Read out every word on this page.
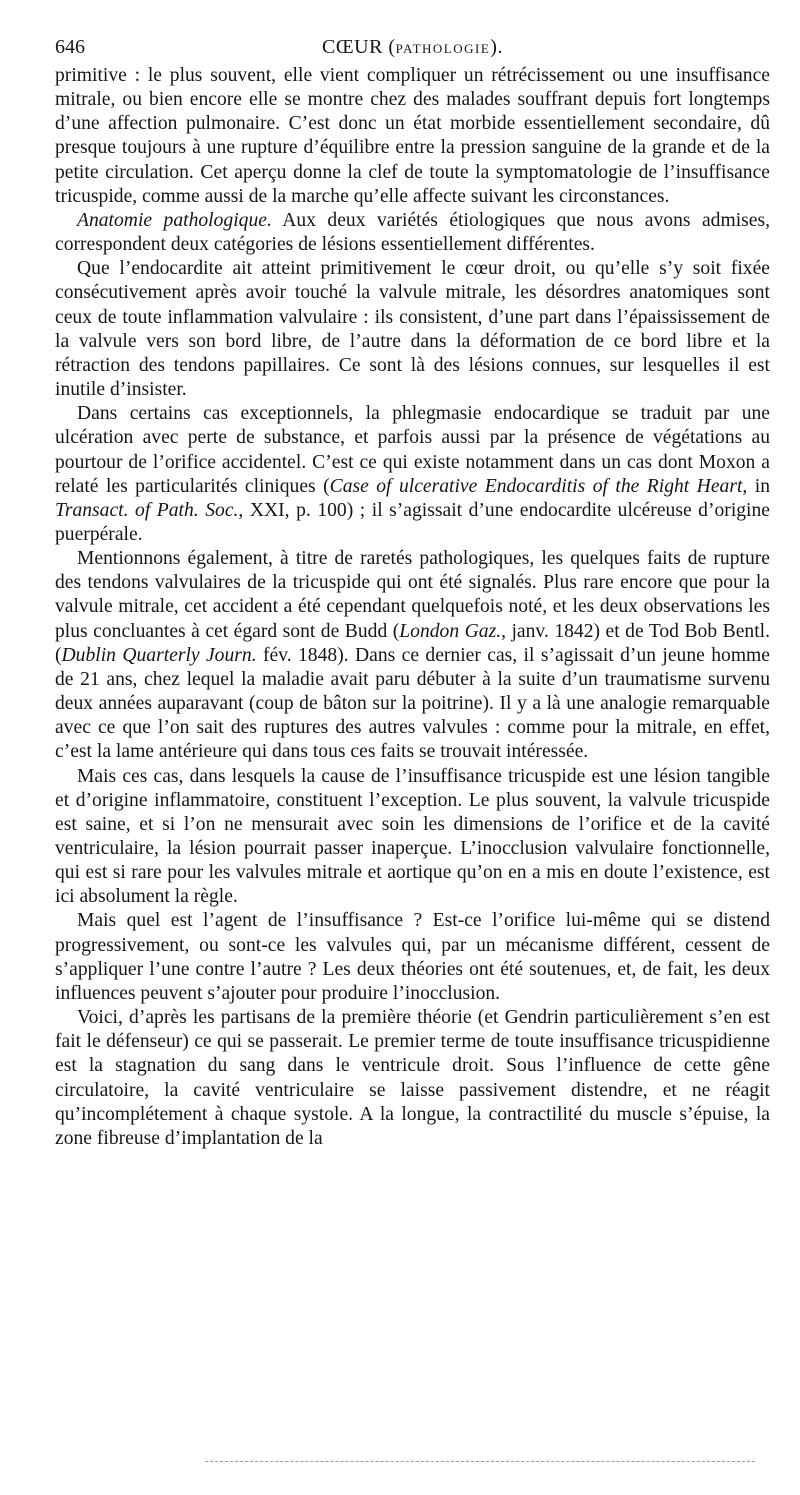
646	CŒUR (PATHOLOGIE).

primitive : le plus souvent, elle vient compliquer un rétrécissement ou une insuffisance mitrale, ou bien encore elle se montre chez des malades souffrant depuis fort longtemps d’une affection pulmonaire. C’est donc un état morbide essentiellement secondaire, dû presque toujours à une rupture d’équilibre entre la pression sanguine de la grande et de la petite circulation. Cet aperçu donne la clef de toute la symptomatologie de l’insuffisance tricuspide, comme aussi de la marche qu’elle affecte suivant les circonstances.

Anatomie pathologique. Aux deux variétés étiologiques que nous avons admises, correspondent deux catégories de lésions essentiellement différentes.

Que l’endocardite ait atteint primitivement le cœur droit, ou qu’elle s’y soit fixée consécutivement après avoir touché la valvule mitrale, les désordres anatomiques sont ceux de toute inflammation valvulaire : ils consistent, d’une part dans l’épaississement de la valvule vers son bord libre, de l’autre dans la déformation de ce bord libre et la rétraction des tendons papillaires. Ce sont là des lésions connues, sur lesquelles il est inutile d’insister.

Dans certains cas exceptionnels, la phlegmasie endocardique se traduit par une ulcération avec perte de substance, et parfois aussi par la présence de végétations au pourtour de l’orifice accidentel. C’est ce qui existe notamment dans un cas dont Moxon a relaté les particularités cliniques (Case of ulcerative Endocarditis of the Right Heart, in Transact. of Path. Soc., XXI, p. 100) ; il s’agissait d’une endocardite ulcéreuse d’origine puerpérale.

Mentionnons également, à titre de raretés pathologiques, les quelques faits de rupture des tendons valvulaires de la tricuspide qui ont été signalés. Plus rare encore que pour la valvule mitrale, cet accident a été cependant quelquefois noté, et les deux observations les plus concluantes à cet égard sont de Budd (London Gaz., janv. 1842) et de Tod Bob Bentl. (Dublin Quarterly Journ. fév. 1848). Dans ce dernier cas, il s’agissait d’un jeune homme de 21 ans, chez lequel la maladie avait paru débuter à la suite d’un traumatisme survenu deux années auparavant (coup de bâton sur la poitrine). Il y a là une analogie remarquable avec ce que l’on sait des ruptures des autres valvules : comme pour la mitrale, en effet, c’est la lame antérieure qui dans tous ces faits se trouvait intéressée.

Mais ces cas, dans lesquels la cause de l’insuffisance tricuspide est une lésion tangible et d’origine inflammatoire, constituent l’exception. Le plus souvent, la valvule tricuspide est saine, et si l’on ne mensurait avec soin les dimensions de l’orifice et de la cavité ventriculaire, la lésion pourrait passer inaperçue. L’inocclusion valvulaire fonctionnelle, qui est si rare pour les valvules mitrale et aortique qu’on en a mis en doute l’existence, est ici absolument la règle.

Mais quel est l’agent de l’insuffisance ? Est-ce l’orifice lui-même qui se distend progressivement, ou sont-ce les valvules qui, par un mécanisme différent, cessent de s’appliquer l’une contre l’autre ? Les deux théories ont été soutenues, et, de fait, les deux influences peuvent s’ajouter pour produire l’inocclusion.

Voici, d’après les partisans de la première théorie (et Gendrin particulièrement s’en est fait le défenseur) ce qui se passerait. Le premier terme de toute insuffisance tricuspidienne est la stagnation du sang dans le ventricule droit. Sous l’influence de cette gêne circulatoire, la cavité ventriculaire se laisse passivement distendre, et ne réagit qu’incomplétement à chaque systole. A la longue, la contractilité du muscle s’épuise, la zone fibreuse d’implantation de la
